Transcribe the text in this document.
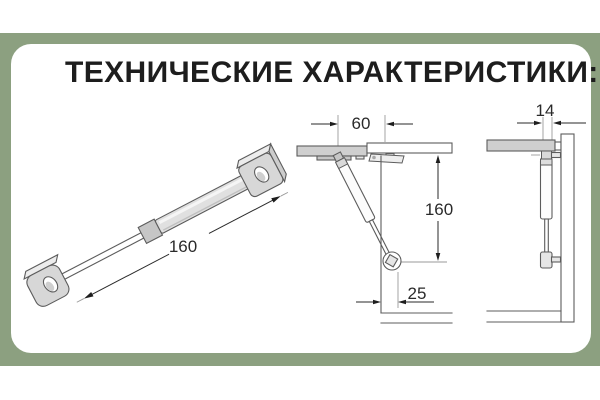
ТЕХНИЧЕСКИЕ ХАРАКТЕРИСТИКИ:
160
60
160
25
14
